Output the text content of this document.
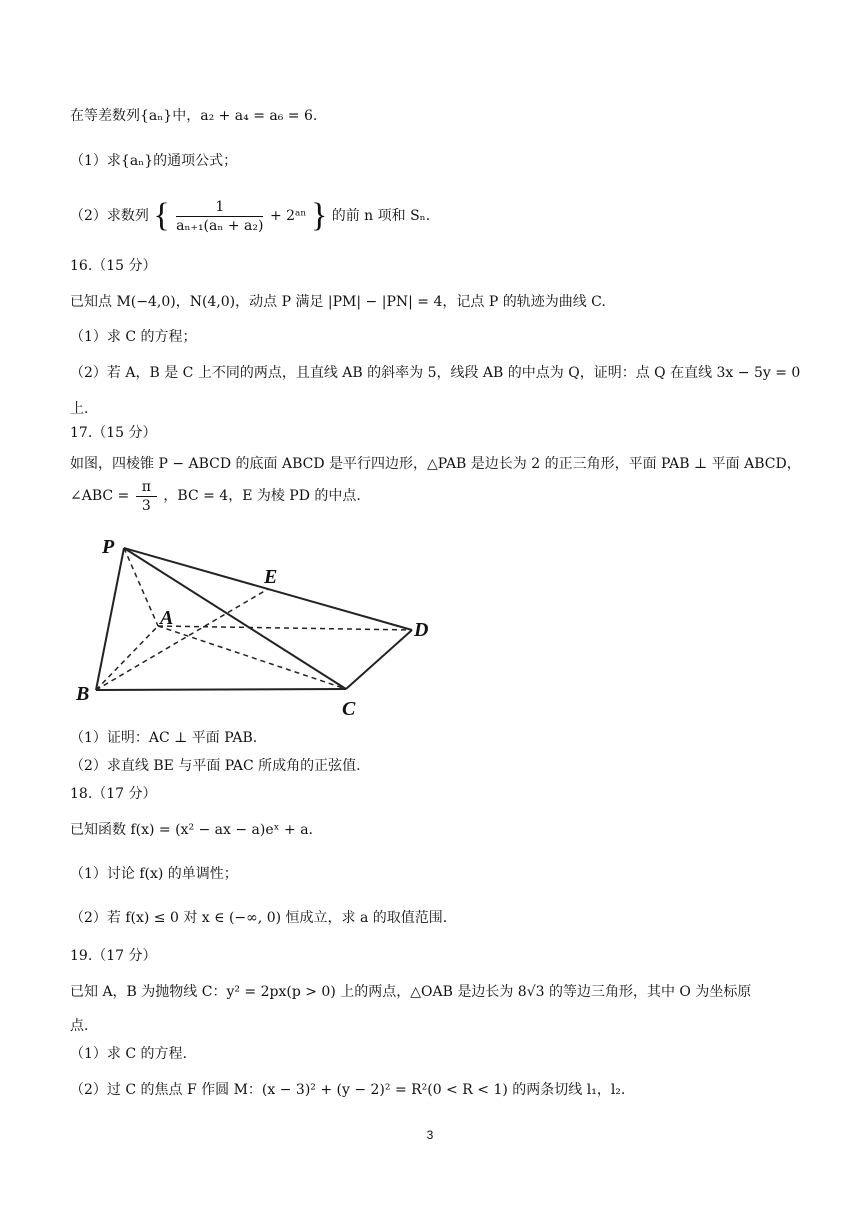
在等差数列{aₙ}中，a₂ + a₄ = a₆ = 6.
（1）求{aₙ}的通项公式；
（2）求数列 { $\frac{1}{\text{aₙ₊₁(aₙ + a₂)}}$ + 2ᵃⁿ } 的前 n 项和 Sₙ.
16.（15 分）
已知点 M(−4,0)，N(4,0)，动点 P 满足 |PM| − |PN| = 4，记点 P 的轨迹为曲线 C.
（1）求 C 的方程；
（2）若 A，B 是 C 上不同的两点，且直线 AB 的斜率为 5，线段 AB 的中点为 Q，证明：点 Q 在直线 3x − 5y = 0
上.
17.（15 分）
如图，四棱锥 P − ABCD 的底面 ABCD 是平行四边形，△PAB 是边长为 2 的正三角形，平面 PAB ⊥ 平面 ABCD，
∠ABC = $\frac{\pi}{3}$ ，BC = 4，E 为棱 PD 的中点.
P
A
B
C
D
E
（1）证明：AC ⊥ 平面 PAB.
（2）求直线 BE 与平面 PAC 所成角的正弦值.
18.（17 分）
已知函数 f(x) = (x² − ax − a)eˣ + a.
（1）讨论 f(x) 的单调性；
（2）若 f(x) ≤ 0 对 x ∈ (−∞, 0) 恒成立，求 a 的取值范围.
19.（17 分）
已知 A，B 为抛物线 C：y² = 2px(p > 0) 上的两点，△OAB 是边长为 8√3 的等边三角形，其中 O 为坐标原
点.
（1）求 C 的方程.
（2）过 C 的焦点 F 作圆 M：(x − 3)² + (y − 2)² = R²(0 < R < 1) 的两条切线 l₁，l₂.
3
